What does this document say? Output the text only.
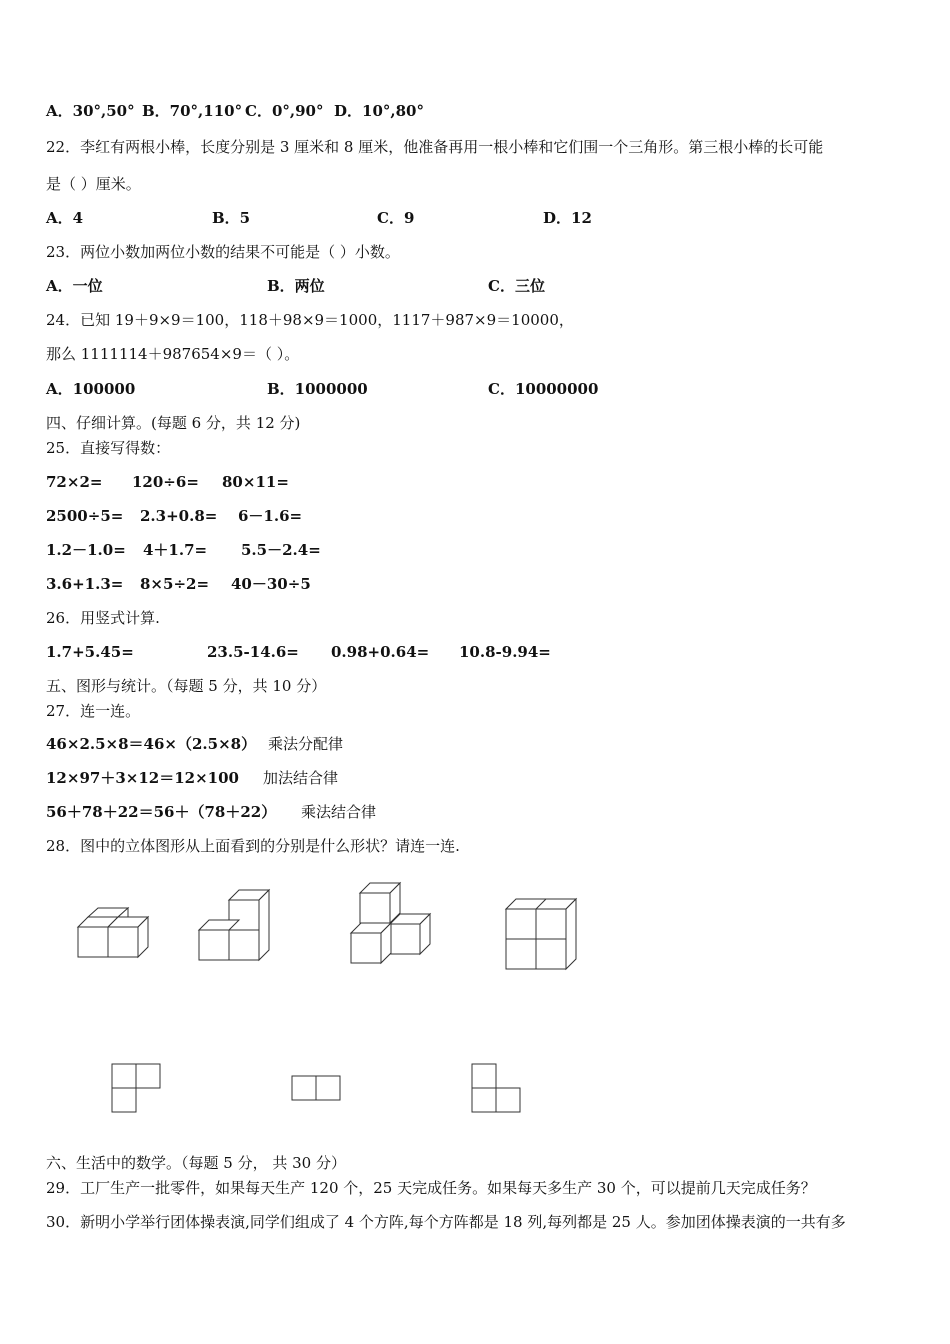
A．30°,50° B．70°,110° C．0°,90° D．10°,80°
22．李红有两根小棒，长度分别是 3 厘米和 8 厘米，他准备再用一根小棒和它们围一个三角形。第三根小棒的长可能
是（ ）厘米。
A．4	B．5	C．9	D．12
23．两位小数加两位小数的结果不可能是（ ）小数。
A．一位	B．两位	C．三位
24．已知 19＋9×9＝100，118＋98×9＝1000，1117＋987×9＝10000，
那么 1111114＋987654×9＝（ ）。
A．100000	B．1000000	C．10000000
四、仔细计算。(每题 6 分，共 12 分)
25．直接写得数：
72×2= 120÷6= 80×11=
2500÷5= 2.3+0.8= 6－1.6=
1.2－1.0= 4＋1.7= 5.5－2.4=
3.6+1.3= 8×5÷2= 40－30÷5
26．用竖式计算.
1.7+5.45=	23.5-14.6= 0.98+0.64= 10.8-9.94=
五、图形与统计。（每题 5 分，共 10 分）
27．连一连。
46×2.5×8＝46×（2.5×8） 乘法分配律
12×97＋3×12＝12×100 加法结合律
56＋78＋22＝56＋（78＋22） 乘法结合律
28．图中的立体图形从上面看到的分别是什么形状？请连一连.
六、生活中的数学。（每题 5 分， 共 30 分）
29．工厂生产一批零件，如果每天生产 120 个，25 天完成任务。如果每天多生产 30 个，可以提前几天完成任务？
30．新明小学举行团体操表演,同学们组成了 4 个方阵,每个方阵都是 18 列,每列都是 25 人。参加团体操表演的一共有多
